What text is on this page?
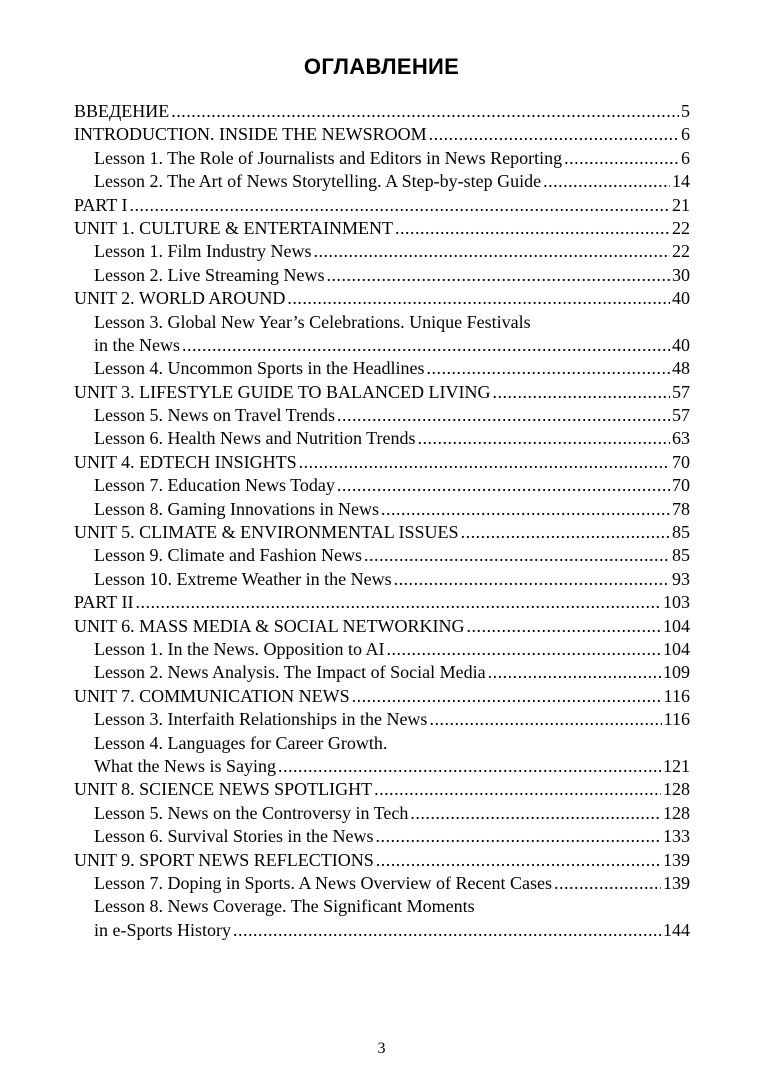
ОГЛАВЛЕНИЕ
ВВЕДЕНИЕ .....	5
INTRODUCTION. INSIDE THE NEWSROOM .....	6
Lesson 1. The Role of Journalists and Editors in News Reporting .....	6
Lesson 2. The Art of News Storytelling. A Step-by-step Guide .....	14
PART I .....	21
UNIT 1. CULTURE & ENTERTAINMENT .....	22
Lesson 1. Film Industry News .....	22
Lesson 2. Live Streaming News .....	30
UNIT 2. WORLD AROUND .....	40
Lesson 3. Global New Year’s Celebrations. Unique Festivals
in the News .....	40
Lesson 4. Uncommon Sports in the Headlines .....	48
UNIT 3. LIFESTYLE GUIDE TO BALANCED LIVING .....	57
Lesson 5. News on Travel Trends .....	57
Lesson 6. Health News and Nutrition Trends .....	63
UNIT 4. EDTECH INSIGHTS .....	70
Lesson 7. Education News Today .....	70
Lesson 8. Gaming Innovations in News .....	78
UNIT 5. CLIMATE & ENVIRONMENTAL ISSUES .....	85
Lesson 9. Climate and Fashion News .....	85
Lesson 10. Extreme Weather in the News .....	93
PART II .....	103
UNIT 6. MASS MEDIA & SOCIAL NETWORKING .....	104
Lesson 1. In the News. Opposition to AI .....	104
Lesson 2. News Analysis. The Impact of Social Media .....	109
UNIT 7. COMMUNICATION NEWS .....	116
Lesson 3. Interfaith Relationships in the News .....	116
Lesson 4. Languages for Career Growth.
What the News is Saying .....	121
UNIT 8. SCIENCE NEWS SPOTLIGHT .....	128
Lesson 5. News on the Controversy in Tech .....	128
Lesson 6. Survival Stories in the News .....	133
UNIT 9. SPORT NEWS REFLECTIONS .....	139
Lesson 7. Doping in Sports. A News Overview of Recent Cases .....	139
Lesson 8. News Coverage. The Significant Moments
in e-Sports History .....	144
3
